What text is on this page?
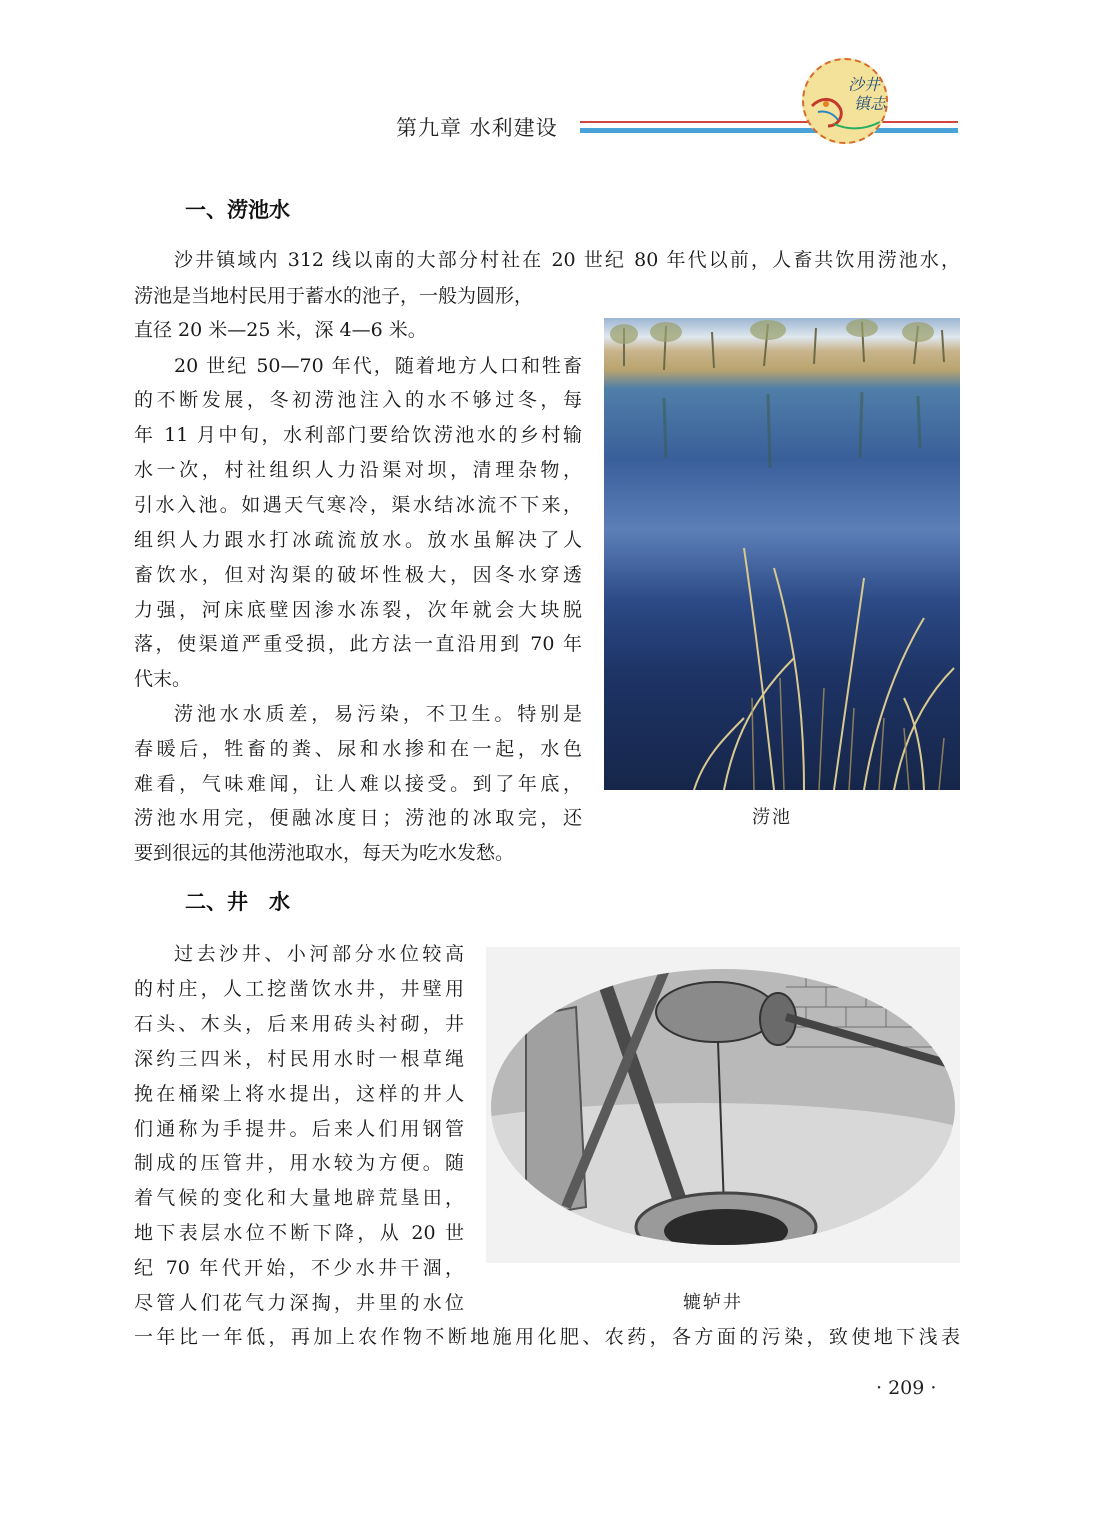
第九章 水利建设
沙井
镇志
一、涝池水
沙井镇域内 312 线以南的大部分村社在 20 世纪 80 年代以前，人畜共饮用涝池水，
涝池是当地村民用于蓄水的池子，一般为圆形，
直径 20 米—25 米，深 4—6 米。
20 世纪 50—70 年代，随着地方人口和牲畜
的不断发展，冬初涝池注入的水不够过冬，每
年 11 月中旬，水利部门要给饮涝池水的乡村输
水一次，村社组织人力沿渠对坝，清理杂物，
引水入池。如遇天气寒冷，渠水结冰流不下来，
组织人力跟水打冰疏流放水。放水虽解决了人
畜饮水，但对沟渠的破坏性极大，因冬水穿透
力强，河床底壁因渗水冻裂，次年就会大块脱
落，使渠道严重受损，此方法一直沿用到 70 年
代末。
涝池水水质差，易污染，不卫生。特别是
春暖后，牲畜的粪、尿和水掺和在一起，水色
难看，气味难闻，让人难以接受。到了年底，
涝池水用完，便融冰度日；涝池的冰取完，还
要到很远的其他涝池取水，每天为吃水发愁。
涝池
二、井　水
过去沙井、小河部分水位较高
的村庄，人工挖凿饮水井，井壁用
石头、木头，后来用砖头衬砌，井
深约三四米，村民用水时一根草绳
挽在桶梁上将水提出，这样的井人
们通称为手提井。后来人们用钢管
制成的压管井，用水较为方便。随
着气候的变化和大量地辟荒垦田，
地下表层水位不断下降，从 20 世
纪 70 年代开始，不少水井干涸，
尽管人们花气力深掏，井里的水位
一年比一年低，再加上农作物不断地施用化肥、农药，各方面的污染，致使地下浅表
辘轳井
· 209 ·
